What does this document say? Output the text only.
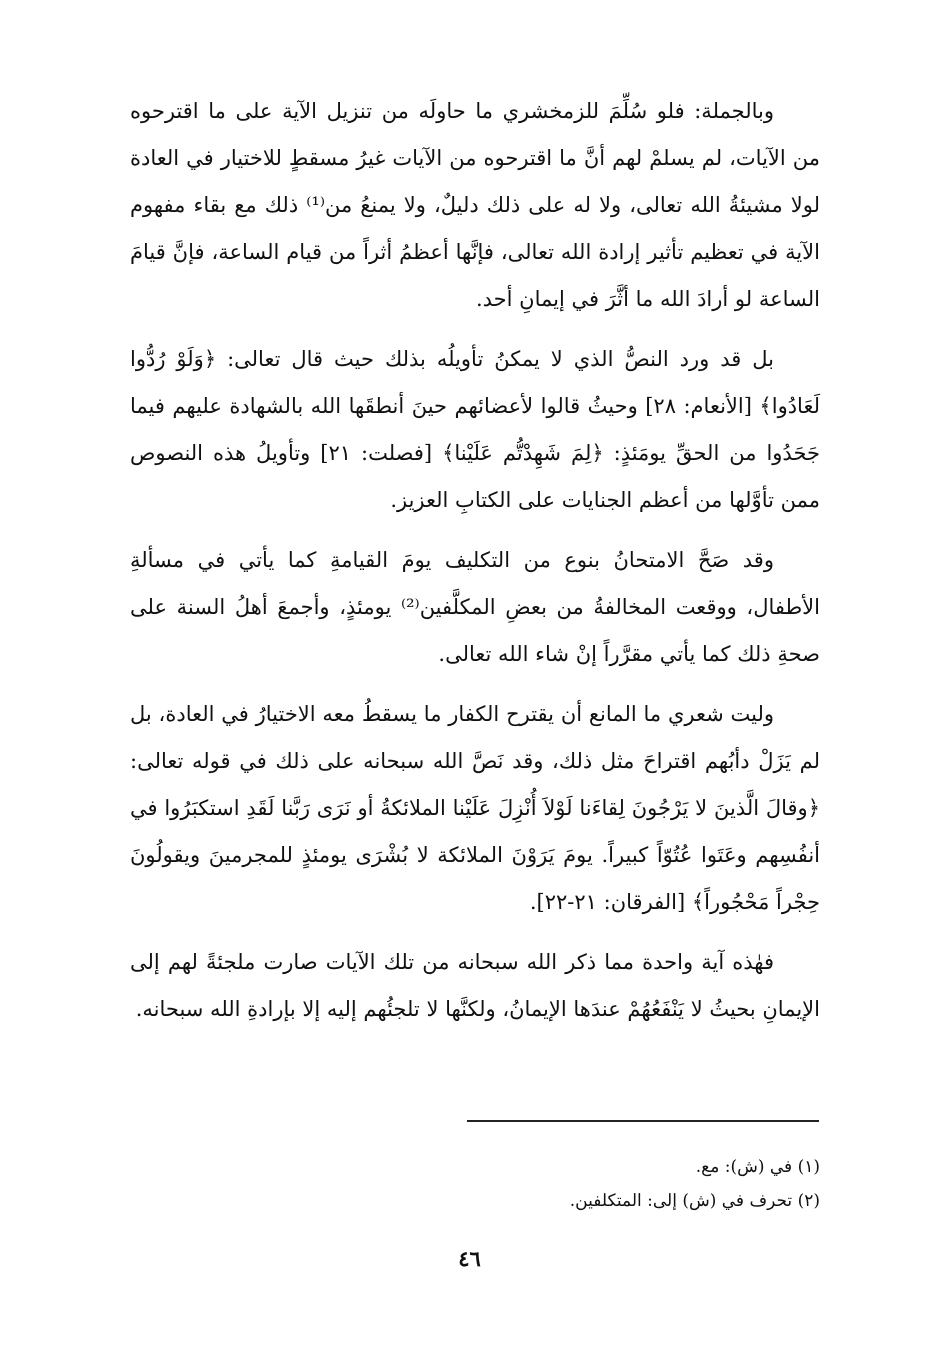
وبالجملة: فلو سُلِّمَ للزمخشري ما حاولَه من تنزيل الآية على ما اقترحوه من الآيات، لم يسلمْ لهم أنَّ ما اقترحوه من الآيات غيرُ مسقطٍ للاختيار في العادة لولا مشيئةُ الله تعالى، ولا له على ذلك دليلٌ، ولا يمنعُ من⁽¹⁾ ذلك مع بقاء مفهوم الآية في تعظيم تأثير إرادة الله تعالى، فإنَّها أعظمُ أثراً من قيام الساعة، فإنَّ قيامَ الساعة لو أرادَ الله ما أثَّرَ في إيمانِ أحد.

بل قد ورد النصُّ الذي لا يمكنُ تأويلُه بذلك حيث قال تعالى: ﴿وَلَوْ رُدُّوا لَعَادُوا﴾ [الأنعام: ٢٨] وحيثُ قالوا لأعضائهم حينَ أنطقَها الله بالشهادة عليهم فيما جَحَدُوا من الحقِّ يومَئذٍ: ﴿لِمَ شَهِدْتُّم عَلَيْنا﴾ [فصلت: ٢١] وتأويلُ هذه النصوص ممن تأوَّلها من أعظم الجنايات على الكتابِ العزيز.

وقد صَحَّ الامتحانُ بنوع من التكليف يومَ القيامةِ كما يأتي في مسألةِ الأطفال، ووقعت المخالفةُ من بعضِ المكلَّفين⁽²⁾ يومئذٍ، وأجمعَ أهلُ السنة على صحةِ ذلك كما يأتي مقرَّراً إنْ شاء الله تعالى.

وليت شعري ما المانع أن يقترح الكفار ما يسقطُ معه الاختيارُ في العادة، بل لم يَزَلْ دأبُهم اقتراحَ مثل ذلك، وقد نَصَّ الله سبحانه على ذلك في قوله تعالى: ﴿وقالَ الَّذينَ لا يَرْجُونَ لِقاءَنا لَوْلاَ أُنْزِلَ عَلَيْنا الملائكةُ أو نَرَى رَبَّنا لَقَدِ استكبَرُوا في أنفُسِهم وعَتَوا عُتُوّاً كبيراً. يومَ يَرَوْنَ الملائكة لا بُشْرَى يومئذٍ للمجرمينَ ويقولُونَ حِجْراً مَحْجُوراً﴾ [الفرقان: ٢١-٢٢].

فهٰذه آية واحدة مما ذكر الله سبحانه من تلك الآيات صارت ملجئةً لهم إلى الإيمانِ بحيثُ لا يَنْفَعُهُمْ عندَها الإيمانُ، ولكنَّها لا تلجئُهم إليه إلا بإرادةِ الله سبحانه.

(١) في (ش): مع.

(٢) تحرف في (ش) إلى: المتكلفين.

٤٦
